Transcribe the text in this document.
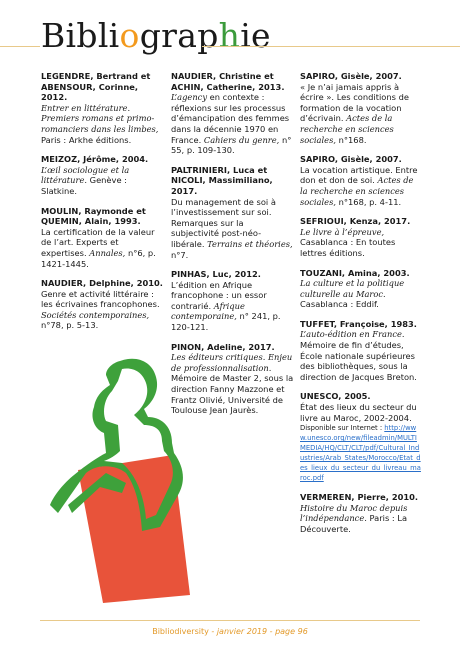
Bibliographie
LEGENDRE, Bertrand et ABENSOUR, Corinne, 2012.
Entrer en littérature. Premiers romans et primo-romanciers dans les limbes, Paris : Arkhe éditions.
MEIZOZ, Jérôme, 2004.
L’œil sociologue et la littérature. Genève : Slatkine.
MOULIN, Raymonde et QUEMIN, Alain, 1993.
La certification de la valeur de l’art. Experts et expertises. Annales, n°6, p. 1421-1445.
NAUDIER, Delphine, 2010.
Genre et activité littéraire : les écrivaines francophones. Sociétés contemporaines, n°78, p. 5-13.
NAUDIER, Christine et ACHIN, Catherine, 2013.
L’agency en contexte : réflexions sur les processus d’émancipation des femmes dans la décennie 1970 en France. Cahiers du genre, n° 55, p. 109-130.
PALTRINIERI, Luca et NICOLI, Massimiliano, 2017.
Du management de soi à l’investissement sur soi. Remarques sur la subjectivité post-néo-libérale. Terrains et théories, n°7.
PINHAS, Luc, 2012.
L’édition en Afrique francophone : un essor contrarié. Afrique contemporaine, n° 241, p. 120-121.
PINON, Adeline, 2017.
Les éditeurs critiques. Enjeu de professionnalisation. Mémoire de Master 2, sous la direction Fanny Mazzone et Frantz Olivié, Université de Toulouse Jean Jaurès.
SAPIRO, Gisèle, 2007.
« Je n’ai jamais appris à écrire ». Les conditions de formation de la vocation d’écrivain. Actes de la recherche en sciences sociales, n°168.
SAPIRO, Gisèle, 2007.
La vocation artistique. Entre don et don de soi. Actes de la recherche en sciences sociales, n°168, p. 4-11.
SEFRIOUI, Kenza, 2017.
Le livre à l’épreuve, Casablanca : En toutes lettres éditions.
TOUZANI, Amina, 2003.
La culture et la politique culturelle au Maroc. Casablanca : Eddif.
TUFFET, Françoise, 1983.
L’auto-édition en France. Mémoire de fin d’études, École nationale supérieures des bibliothèques, sous la direction de Jacques Breton.
UNESCO, 2005.
État des lieux du secteur du livre au Maroc, 2002-2004.
Disponible sur Internet : http://www.unesco.org/new/fileadmin/MULTIMEDIA/HQ/CLT/CLT/pdf/Cultural_Industries/Arab_States/Morocco/Etat_des_lieux_du_secteur_du_livreau_maroc.pdf
VERMEREN, Pierre, 2010.
Histoire du Maroc depuis l’indépendance. Paris : La Découverte.
Bibliodiversity - janvier 2019 - page 96
